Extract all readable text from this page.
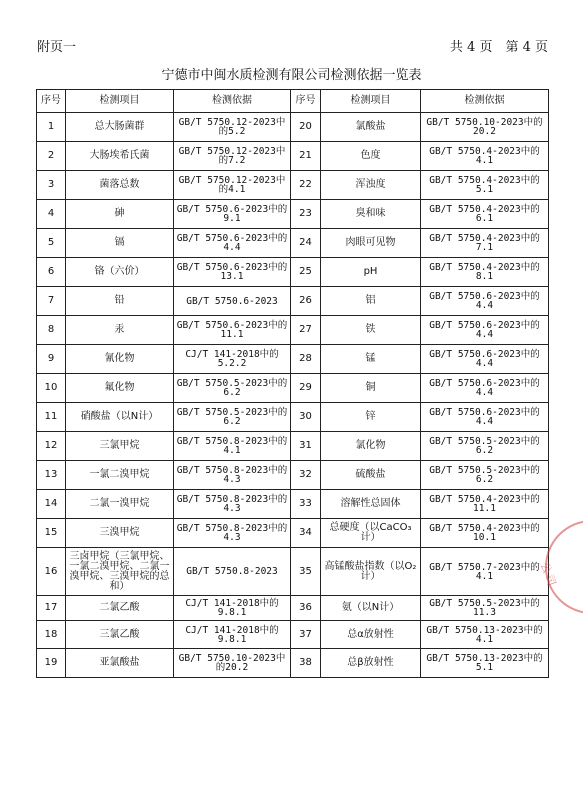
附页一	共 4 页　第 4 页
宁德市中闽水质检测有限公司检测依据一览表
序号	检测项目	检测依据	序号	检测项目	检测依据
1	总大肠菌群	GB/T 5750.12-2023中的5.2	20	氯酸盐	GB/T 5750.10-2023中的20.2
2	大肠埃希氏菌	GB/T 5750.12-2023中的7.2	21	色度	GB/T 5750.4-2023中的4.1
3	菌落总数	GB/T 5750.12-2023中的4.1	22	浑浊度	GB/T 5750.4-2023中的5.1
4	砷	GB/T 5750.6-2023中的9.1	23	臭和味	GB/T 5750.4-2023中的6.1
5	镉	GB/T 5750.6-2023中的4.4	24	肉眼可见物	GB/T 5750.4-2023中的7.1
6	铬（六价）	GB/T 5750.6-2023中的13.1	25	pH	GB/T 5750.4-2023中的8.1
7	铅	GB/T 5750.6-2023	26	铝	GB/T 5750.6-2023中的4.4
8	汞	GB/T 5750.6-2023中的11.1	27	铁	GB/T 5750.6-2023中的4.4
9	氰化物	CJ/T 141-2018中的5.2.2	28	锰	GB/T 5750.6-2023中的4.4
10	氟化物	GB/T 5750.5-2023中的6.2	29	铜	GB/T 5750.6-2023中的4.4
11	硝酸盐（以N计）	GB/T 5750.5-2023中的6.2	30	锌	GB/T 5750.6-2023中的4.4
12	三氯甲烷	GB/T 5750.8-2023中的4.1	31	氯化物	GB/T 5750.5-2023中的6.2
13	一氯二溴甲烷	GB/T 5750.8-2023中的4.3	32	硫酸盐	GB/T 5750.5-2023中的6.2
14	二氯一溴甲烷	GB/T 5750.8-2023中的4.3	33	溶解性总固体	GB/T 5750.4-2023中的11.1
15	三溴甲烷	GB/T 5750.8-2023中的4.3	34	总硬度（以CaCO₃计）	GB/T 5750.4-2023中的10.1
16	三卤甲烷（三氯甲烷、一氯二溴甲烷、二氯一溴甲烷、三溴甲烷的总和）	GB/T 5750.8-2023	35	高锰酸盐指数（以O₂计）	GB/T 5750.7-2023中的4.1
17	二氯乙酸	CJ/T 141-2018中的9.8.1	36	氨（以N计）	GB/T 5750.5-2023中的11.3
18	三氯乙酸	CJ/T 141-2018中的9.8.1	37	总α放射性	GB/T 5750.13-2023中的4.1
19	亚氯酸盐	GB/T 5750.10-2023中的20.2	38	总β放射性	GB/T 5750.13-2023中的5.1
公司
